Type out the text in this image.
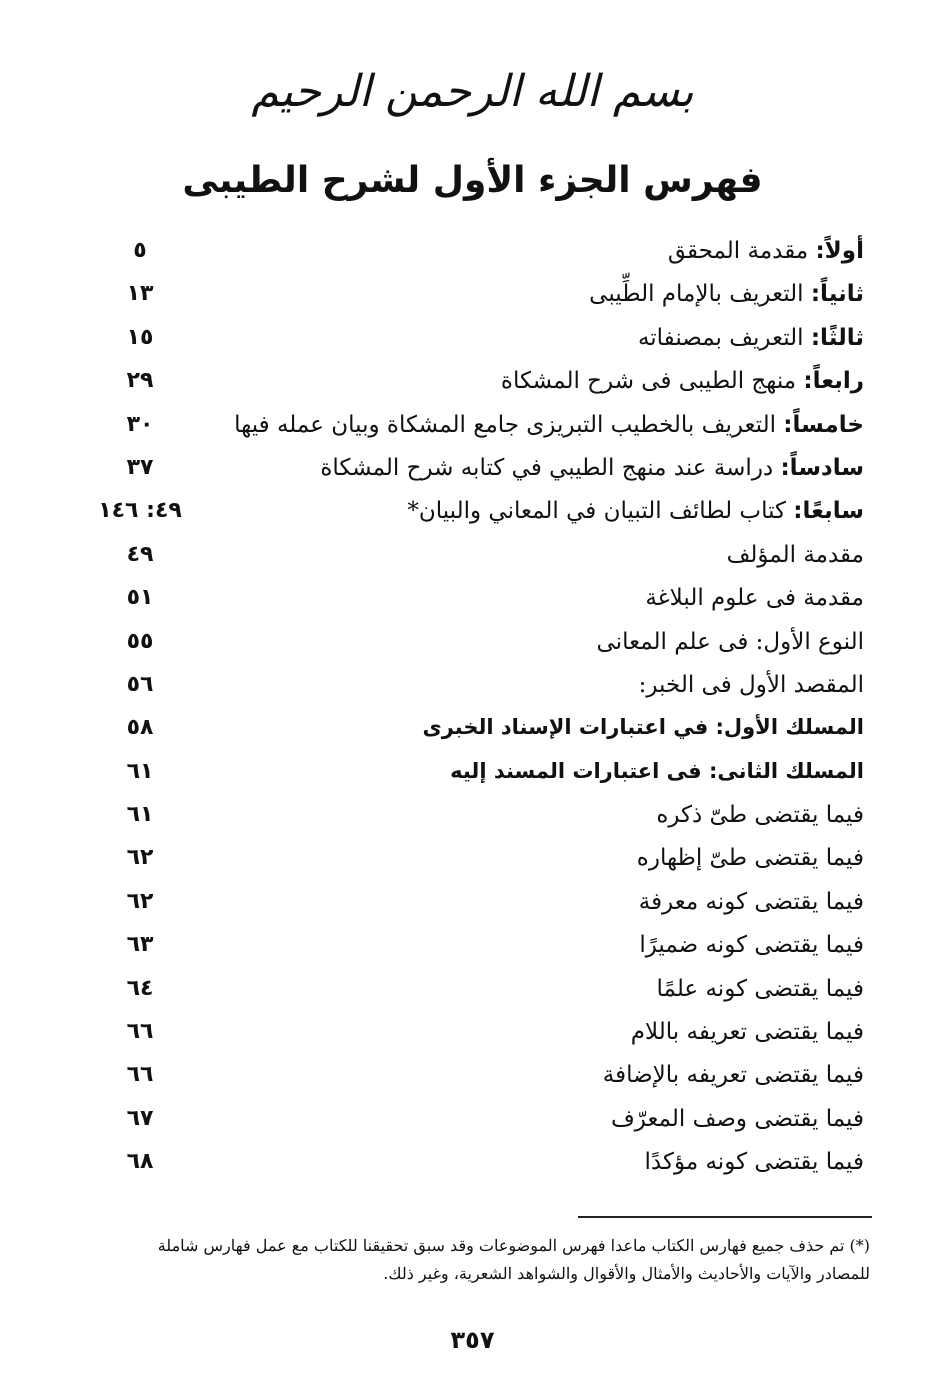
بسم الله الرحمن الرحيم
فهرس الجزء الأول لشرح الطيبى
أولاً: مقدمة المحقق
٥
ثانياً: التعريف بالإمام الطِّيبى
١٣
ثالثًا: التعريف بمصنفاته
١٥
رابعاً: منهج الطيبى فى شرح المشكاة
٢٩
خامساً: التعريف بالخطيب التبريزى جامع المشكاة وبيان عمله فيها
٣٠
سادساً: دراسة عند منهج الطيبي في كتابه شرح المشكاة
٣٧
سابعًا: كتاب لطائف التبيان في المعاني والبيان*
٤٩: ١٤٦
مقدمة المؤلف
٤٩
مقدمة فى علوم البلاغة
٥١
النوع الأول: فى علم المعانى
٥٥
المقصد الأول فى الخبر:
٥٦
المسلك الأول: في اعتبارات الإسناد الخبرى
٥٨
المسلك الثانى: فى اعتبارات المسند إليه
٦١
فيما يقتضى طىّ ذكره
٦١
فيما يقتضى طىّ إظهاره
٦٢
فيما يقتضى كونه معرفة
٦٢
فيما يقتضى كونه ضميرًا
٦٣
فيما يقتضى كونه علمًا
٦٤
فيما يقتضى تعريفه باللام
٦٦
فيما يقتضى تعريفه بالإضافة
٦٦
فيما يقتضى وصف المعرّف
٦٧
فيما يقتضى كونه مؤكدًا
٦٨
(*) تم حذف جميع فهارس الكتاب ماعدا فهرس الموضوعات وقد سبق تحقيقنا للكتاب مع عمل فهارس شاملة
للمصادر والآيات والأحاديث والأمثال والأقوال والشواهد الشعرية، وغير ذلك.
٣٥٧
